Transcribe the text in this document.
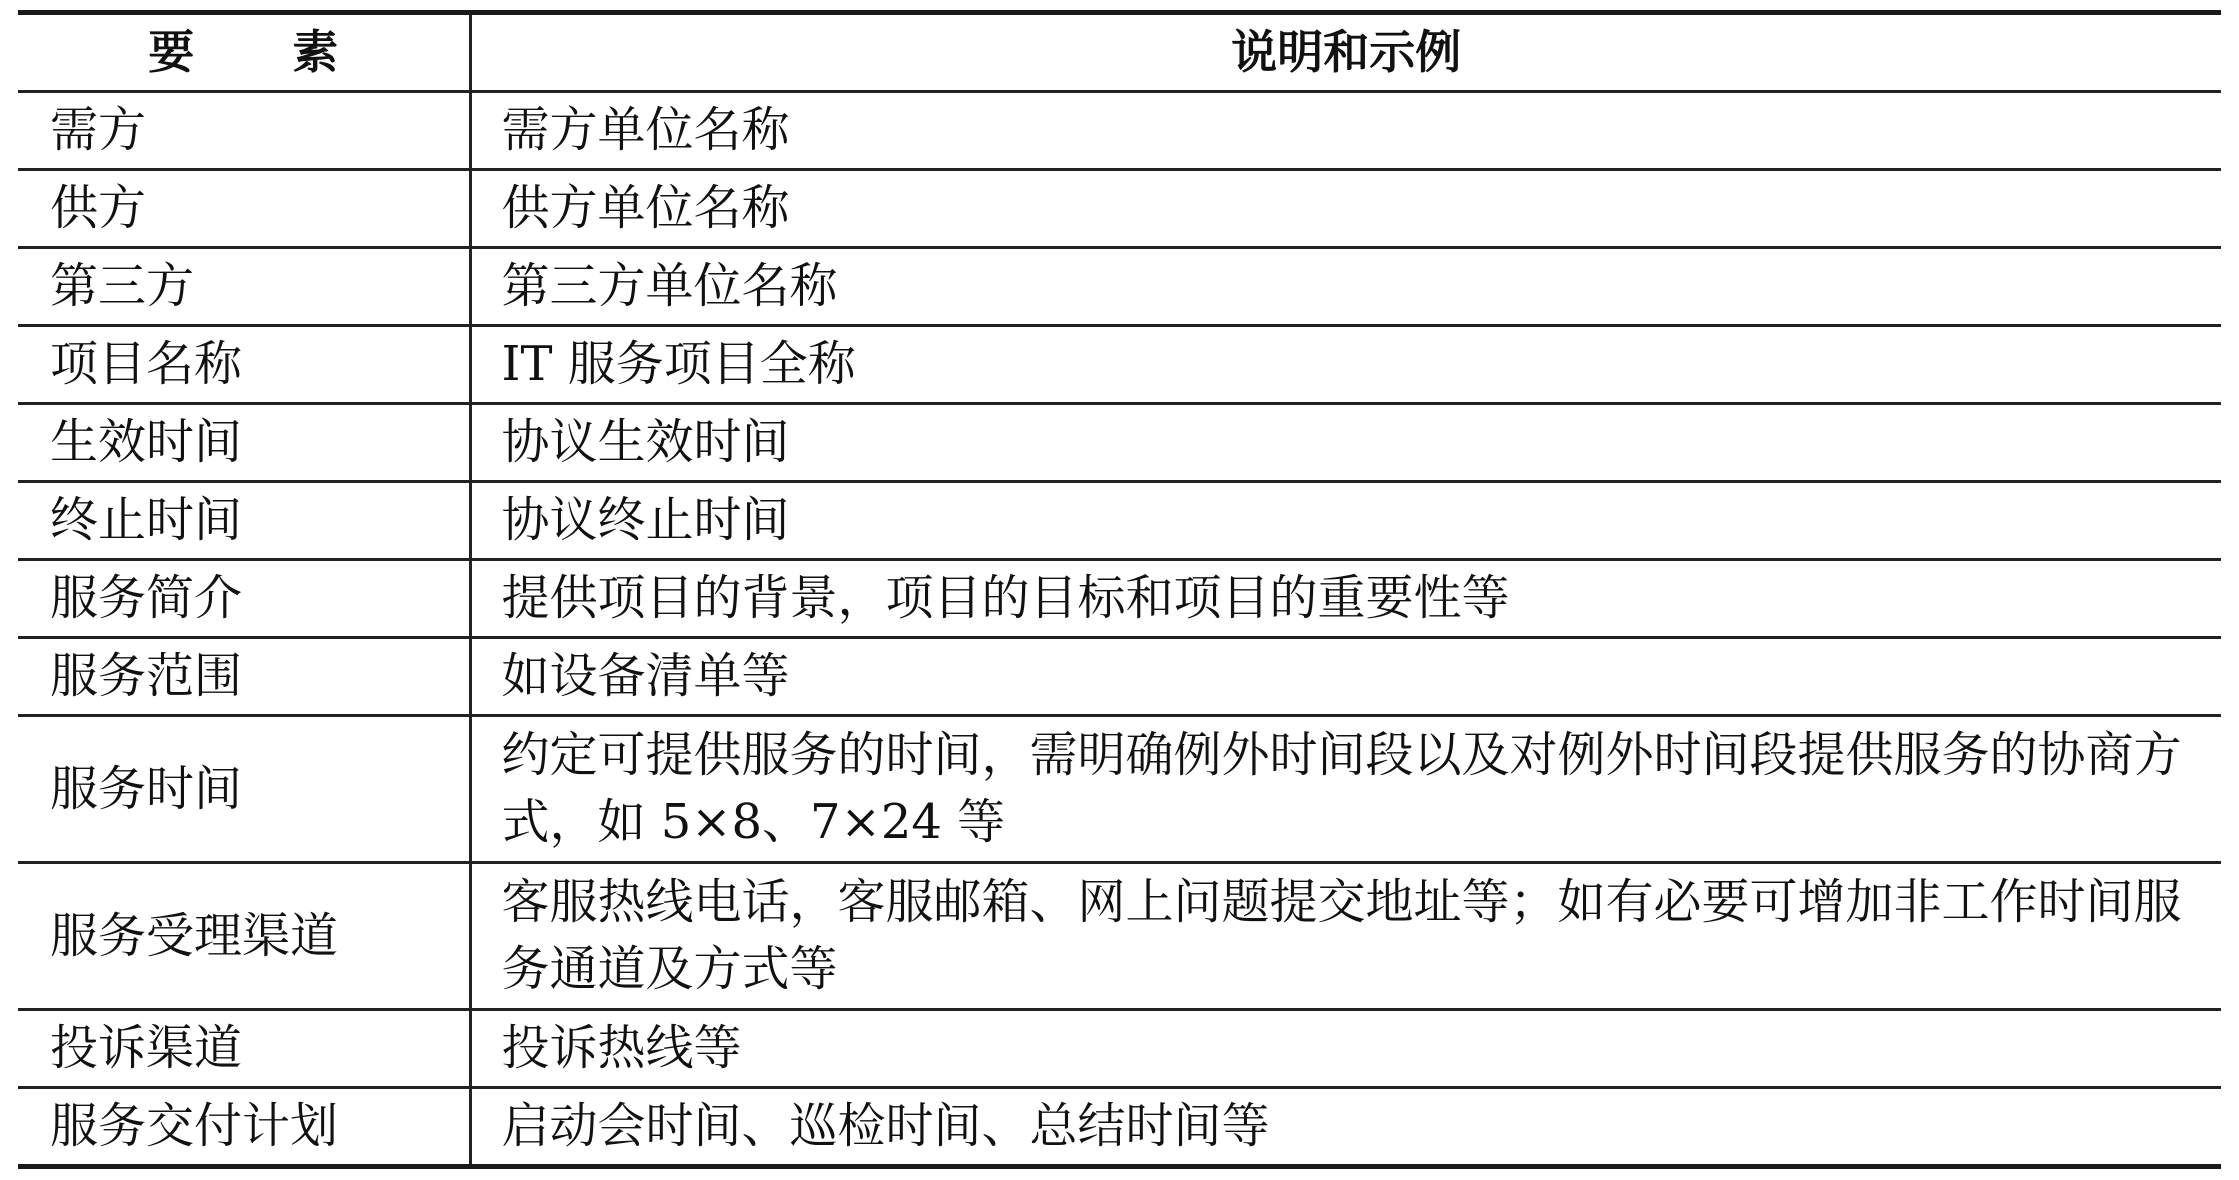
要素	说明和示例
需方	需方单位名称
供方	供方单位名称
第三方	第三方单位名称
项目名称	IT 服务项目全称
生效时间	协议生效时间
终止时间	协议终止时间
服务简介	提供项目的背景，项目的目标和项目的重要性等
服务范围	如设备清单等
服务时间	约定可提供服务的时间，需明确例外时间段以及对例外时间段提供服务的协商方式，如 5×8、7×24 等
服务受理渠道	客服热线电话，客服邮箱、网上问题提交地址等；如有必要可增加非工作时间服务通道及方式等
投诉渠道	投诉热线等
服务交付计划	启动会时间、巡检时间、总结时间等
